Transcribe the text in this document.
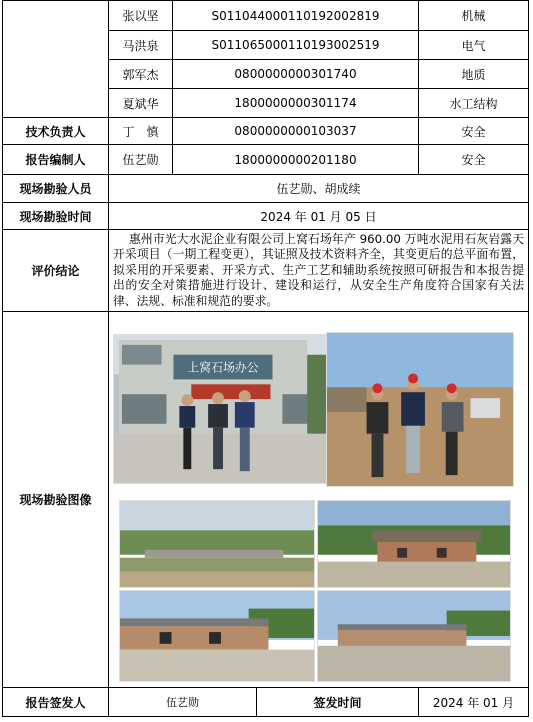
	张以坚	S011044000110192002819		机械
	马洪泉	S011065000110193002519		电气
	郭军杰	0800000000301740		地质
	夏斌华	1800000000301174		水工结构
技术负责人	丁　慎	0800000000103037		安全
报告编制人	伍艺勋	1800000000201180		安全
现场勘验人员	伍艺勋、胡成续			
现场勘验时间	2024 年 01 月 05 日			
评价结论	惠州市光大水泥企业有限公司上窝石场年产 960.00 万吨水泥用石灰岩露天开采项目（一期工程变更），其证照及技术资料齐全，其变更后的总平面布置，拟采用的开采要素、开采方式、生产工艺和辅助系统按照可研报告和本报告提出的安全对策措施进行设计、建设和运行，从安全生产角度符合国家有关法律、法规、标准和规范的要求。			
现场勘验图像	上窝石场办公			

报告签发人	伍艺勋		签发时间	2024 年 01 月
